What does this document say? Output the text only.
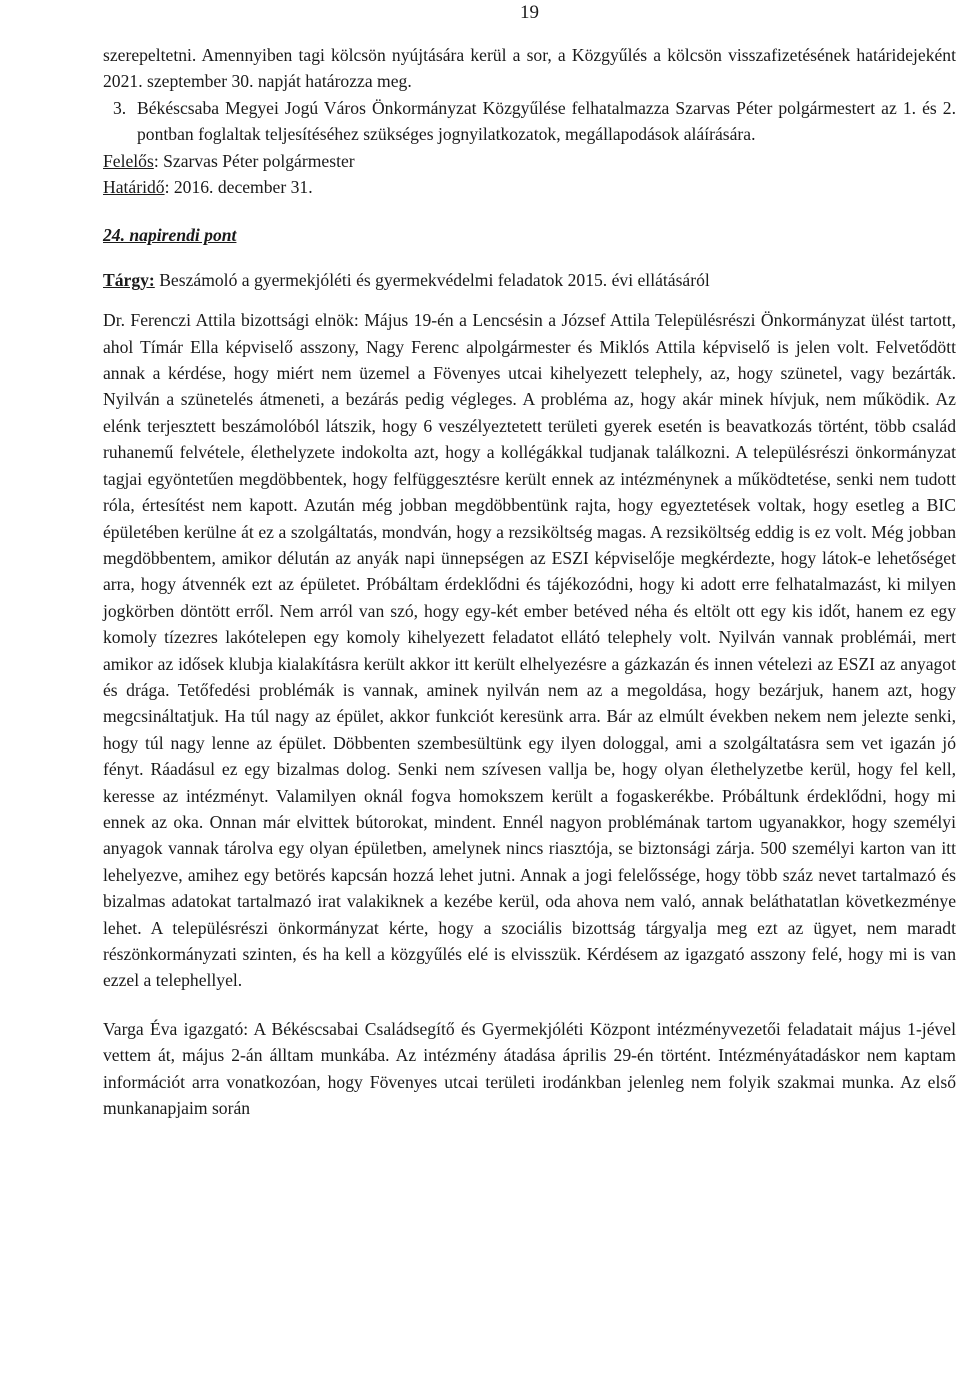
19

szerepeltetni. Amennyiben tagi kölcsön nyújtására kerül a sor, a Közgyűlés a kölcsön visszafizetésének határidejeként 2021. szeptember 30. napját határozza meg.

3. Békéscsaba Megyei Jogú Város Önkormányzat Közgyűlése felhatalmazza Szarvas Péter polgármestert az 1. és 2. pontban foglaltak teljesítéséhez szükséges jognyilatkozatok, megállapodások aláírására.

Felelős: Szarvas Péter polgármester

Határidő: 2016. december 31.

24. napirendi pont

Tárgy: Beszámoló a gyermekjóléti és gyermekvédelmi feladatok 2015. évi ellátásáról

Dr. Ferenczi Attila bizottsági elnök: Május 19-én a Lencsésin a József Attila Településrészi Önkormányzat ülést tartott, ahol Tímár Ella képviselő asszony, Nagy Ferenc alpolgármester és Miklós Attila képviselő is jelen volt. Felvetődött annak a kérdése, hogy miért nem üzemel a Fövenyes utcai kihelyezett telephely, az, hogy szünetel, vagy bezárták. Nyilván a szünetelés átmeneti, a bezárás pedig végleges. A probléma az, hogy akár minek hívjuk, nem működik. Az elénk terjesztett beszámolóból látszik, hogy 6 veszélyeztetett területi gyerek esetén is beavatkozás történt, több család ruhanemű felvétele, élethelyzete indokolta azt, hogy a kollégákkal tudjanak találkozni. A településrészi önkormányzat tagjai egyöntetűen megdöbbentek, hogy felfüggesztésre került ennek az intézménynek a működtetése, senki nem tudott róla, értesítést nem kapott. Azután még jobban megdöbbentünk rajta, hogy egyeztetések voltak, hogy esetleg a BIC épületében kerülne át ez a szolgáltatás, mondván, hogy a rezsiköltség magas. A rezsiköltség eddig is ez volt. Még jobban megdöbbentem, amikor délután az anyák napi ünnepségen az ESZI képviselője megkérdezte, hogy látok-e lehetőséget arra, hogy átvennék ezt az épületet. Próbáltam érdeklődni és tájékozódni, hogy ki adott erre felhatalmazást, ki milyen jogkörben döntött erről. Nem arról van szó, hogy egy-két ember betéved néha és eltölt ott egy kis időt, hanem ez egy komoly tízezres lakótelepen egy komoly kihelyezett feladatot ellátó telephely volt. Nyilván vannak problémái, mert amikor az idősek klubja kialakításra került akkor itt került elhelyezésre a gázkazán és innen vételezi az ESZI az anyagot és drága. Tetőfedési problémák is vannak, aminek nyilván nem az a megoldása, hogy bezárjuk, hanem azt, hogy megcsináltatjuk. Ha túl nagy az épület, akkor funkciót keresünk arra. Bár az elmúlt években nekem nem jelezte senki, hogy túl nagy lenne az épület. Döbbenten szembesültünk egy ilyen dologgal, ami a szolgáltatásra sem vet igazán jó fényt. Ráadásul ez egy bizalmas dolog. Senki nem szívesen vallja be, hogy olyan élethelyzetbe kerül, hogy fel kell, keresse az intézményt. Valamilyen oknál fogva homokszem került a fogaskerékbe. Próbáltunk érdeklődni, hogy mi ennek az oka. Onnan már elvittek bútorokat, mindent. Ennél nagyon problémának tartom ugyanakkor, hogy személyi anyagok vannak tárolva egy olyan épületben, amelynek nincs riasztója, se biztonsági zárja. 500 személyi karton van itt lehelyezve, amihez egy betörés kapcsán hozzá lehet jutni. Annak a jogi felelőssége, hogy több száz nevet tartalmazó és bizalmas adatokat tartalmazó irat valakiknek a kezébe kerül, oda ahova nem való, annak beláthatatlan következménye lehet. A településrészi önkormányzat kérte, hogy a szociális bizottság tárgyalja meg ezt az ügyet, nem maradt részönkormányzati szinten, és ha kell a közgyűlés elé is elvisszük. Kérdésem az igazgató asszony felé, hogy mi is van ezzel a telephellyel.

Varga Éva igazgató: A Békéscsabai Családsegítő és Gyermekjóléti Központ intézményvezetői feladatait május 1-jével vettem át, május 2-án álltam munkába. Az intézmény átadása április 29-én történt. Intézményátadáskor nem kaptam információt arra vonatkozóan, hogy Fövenyes utcai területi irodánkban jelenleg nem folyik szakmai munka. Az első munkanapjaim során
